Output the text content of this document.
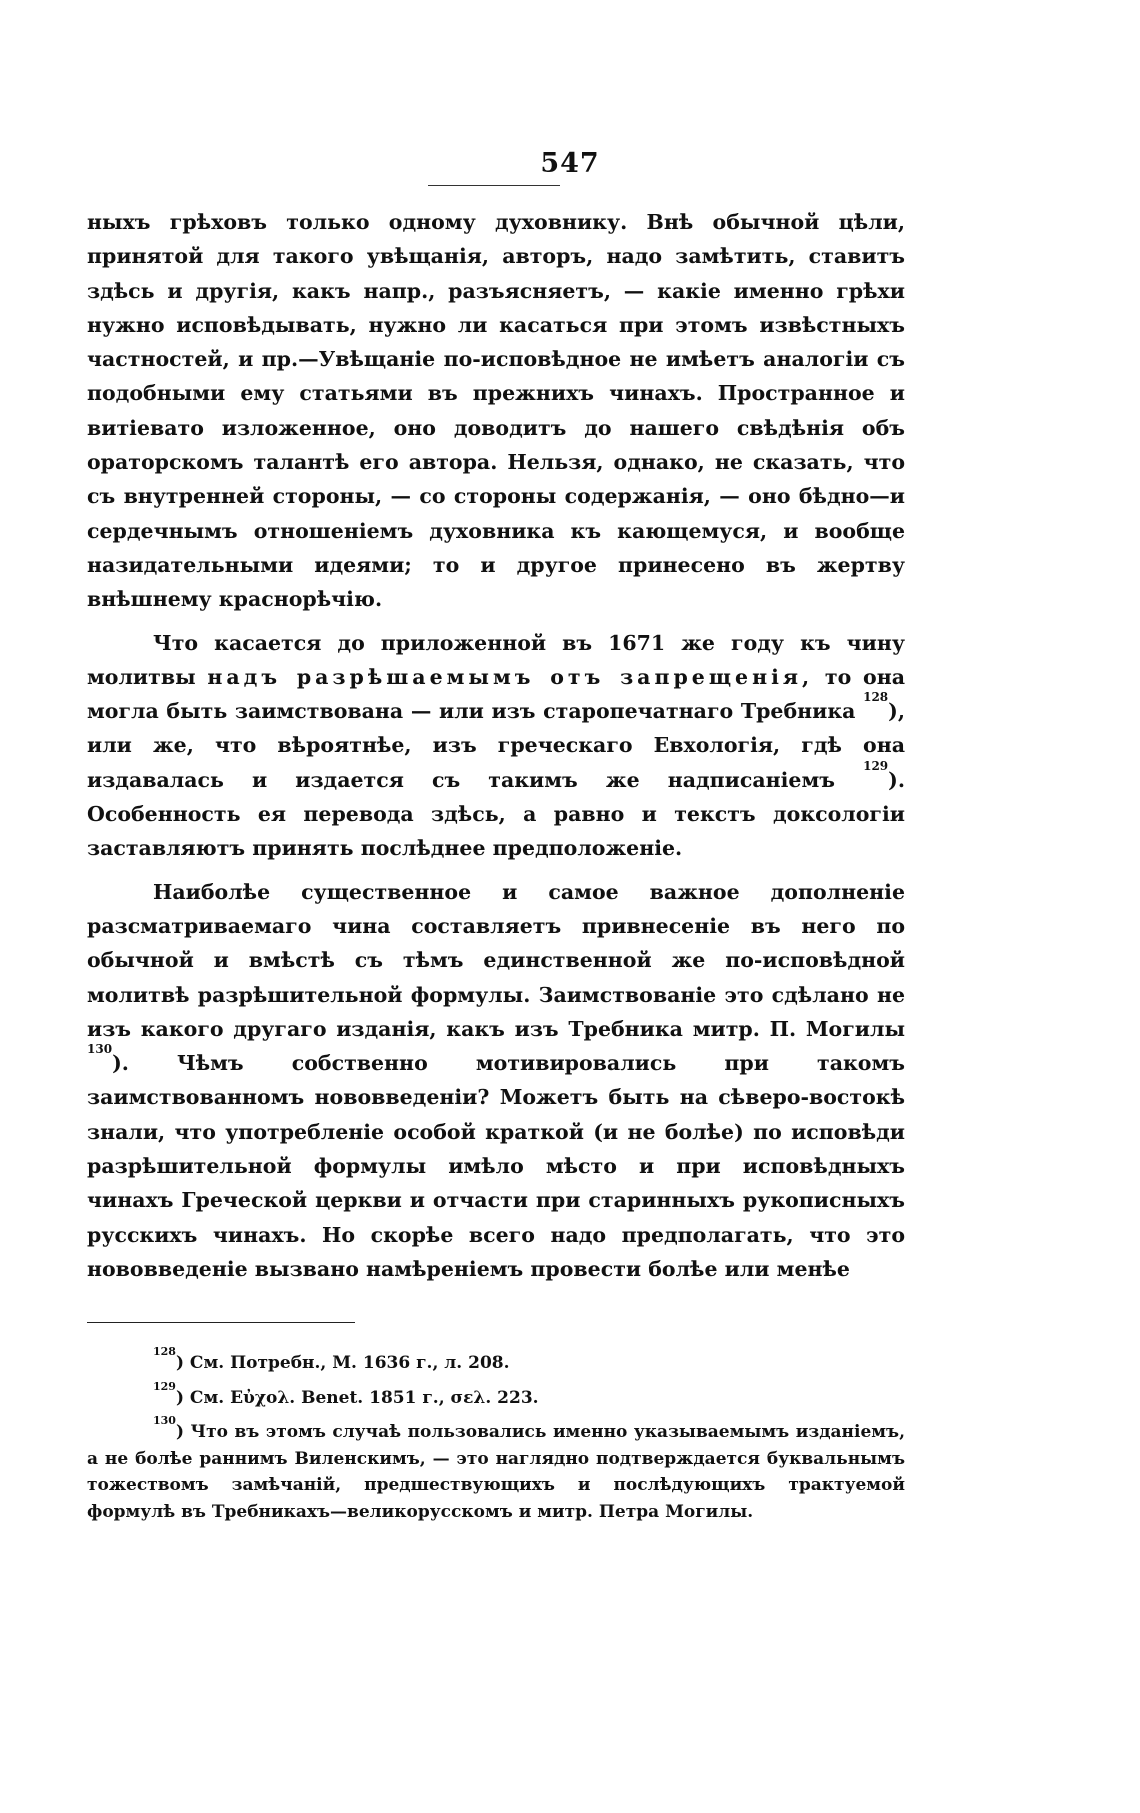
547

ныхъ грѣховъ только одному духовнику. Внѣ обычной цѣли, принятой для такого увѣщанія, авторъ, надо замѣтить, ставитъ здѣсь и другія, какъ напр., разъясняетъ, — какіе именно грѣхи нужно исповѣдывать, нужно ли касаться при этомъ извѣстныхъ частностей, и пр.—Увѣщаніе по-исповѣдное не имѣетъ аналогіи съ подобными ему статьями въ прежнихъ чинахъ. Пространное и витіевато изложенное, оно доводитъ до нашего свѣдѣнія объ ораторскомъ талантѣ его автора. Нельзя, однако, не сказать, что съ внутренней стороны, — со стороны содержанія, — оно бѣдно—и сердечнымъ отношеніемъ духовника къ кающемуся, и вообще назидательными идеями; то и другое принесено въ жертву внѣшнему краснорѣчію.

Что касается до приложенной въ 1671 же году къ чину молитвы надъ разрѣшаемымъ отъ запрещенія, то она могла быть заимствована — или изъ старопечатнаго Требника $^{128}$), или же, что вѣроятнѣе, изъ греческаго Евхологія, гдѣ она издавалась и издается съ такимъ же надписаніемъ $^{129}$). Особенность ея перевода здѣсь, а равно и текстъ доксологіи заставляютъ принять послѣднее предположеніе.

Наиболѣе существенное и самое важное дополненіе разсматриваемаго чина составляетъ привнесеніе въ него по обычной и вмѣстѣ съ тѣмъ единственной же по-исповѣдной молитвѣ разрѣшительной формулы. Заимствованіе это сдѣлано не изъ какого другаго изданія, какъ изъ Требника митр. П. Могилы $^{130}$). Чѣмъ собственно мотивировались при такомъ заимствованномъ нововведеніи? Можетъ быть на сѣверо-востокѣ знали, что употребленіе особой краткой (и не болѣе) по исповѣди разрѣшительной формулы имѣло мѣсто и при исповѣдныхъ чинахъ Греческой церкви и отчасти при старинныхъ рукописныхъ русскихъ чинахъ. Но скорѣе всего надо предполагать, что это нововведеніе вызвано намѣреніемъ провести болѣе или менѣе

$^{128}$) См. Потребн., М. 1636 г., л. 208.

$^{129}$) См. Εὐχολ. Benet. 1851 г., σελ. 223.

$^{130}$) Что въ этомъ случаѣ пользовались именно указываемымъ изданіемъ, а не болѣе раннимъ Виленскимъ, — это наглядно подтверждается буквальнымъ тожествомъ замѣчаній, предшествующихъ и послѣдующихъ трактуемой формулѣ въ Требникахъ—великорусскомъ и митр. Петра Могилы.
